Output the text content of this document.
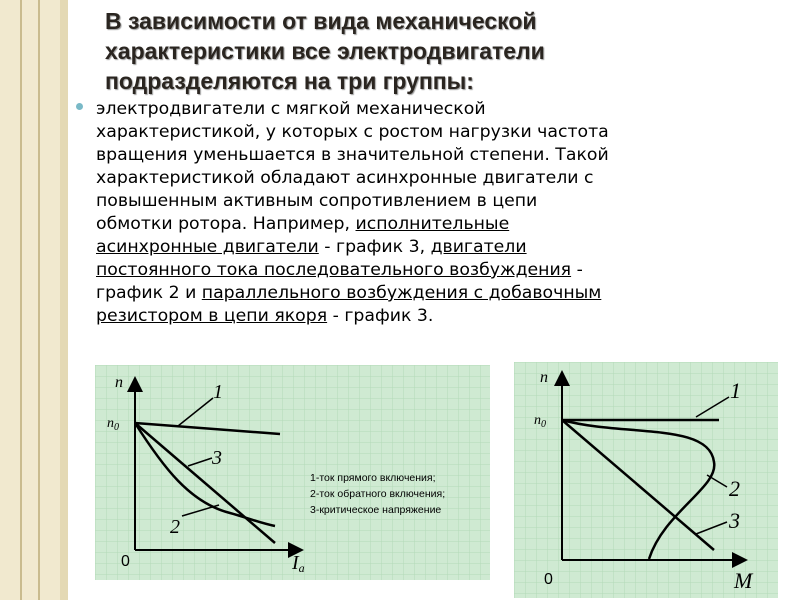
В зависимости от вида механической
характеристики все электродвигатели
подразделяются на три группы:
электродвигатели с мягкой механической
характеристикой, у которых с ростом нагрузки частота
вращения уменьшается в значительной степени. Такой
характеристикой обладают асинхронные двигатели с
повышенным активным сопротивлением в цепи
обмотки ротора. Например, исполнительные
асинхронные двигатели - график 3, двигатели
постоянного тока последовательного возбуждения -
график 2 и параллельного возбуждения с добавочным
резистором в цепи якоря - график 3.
n
$n_0$
0	Ia
1
2
3
1-ток прямого включения;
2-ток обратного включения;
3-критическое напряжение
n
$n_0$
0	M
1
2
3
